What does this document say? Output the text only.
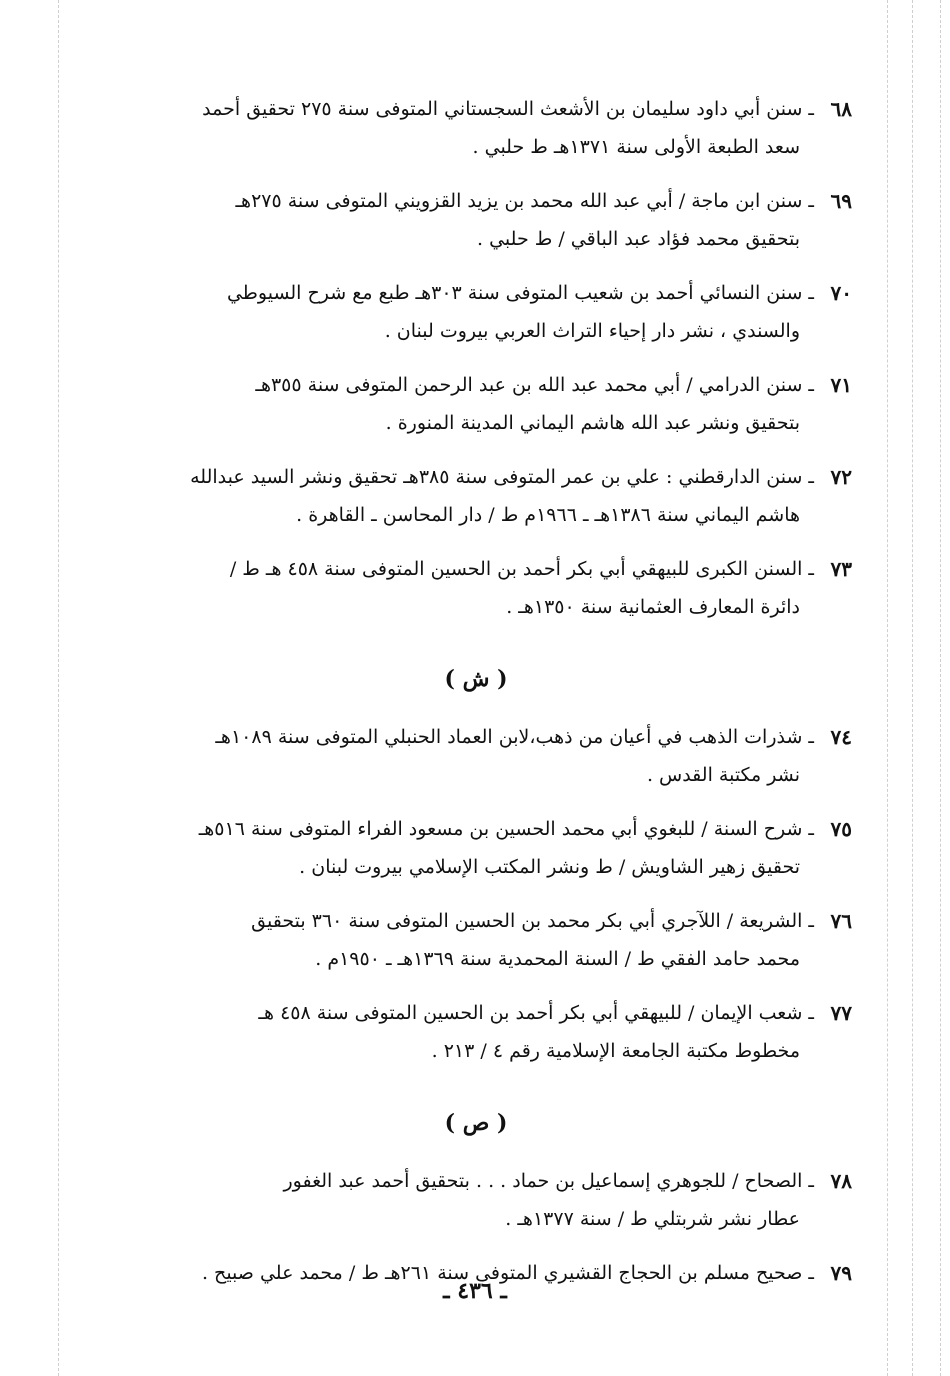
٦٨
ـ سنن أبي داود سليمان بن الأشعث السجستاني المتوفى سنة ٢٧٥ تحقيق أحمد
سعد الطبعة الأولى سنة ١٣٧١هـ ط حلبي .
٦٩
ـ سنن ابن ماجة / أبي عبد الله محمد بن يزيد القزويني المتوفى سنة ٢٧٥هـ
بتحقيق محمد فؤاد عبد الباقي / ط حلبي .
٧٠
ـ سنن النسائي أحمد بن شعيب المتوفى سنة ٣٠٣هـ طبع مع شرح السيوطي
والسندي ، نشر دار إحياء التراث العربي بيروت لبنان .
٧١
ـ سنن الدرامي / أبي محمد عبد الله بن عبد الرحمن المتوفى سنة ٣٥٥هـ
بتحقيق ونشر عبد الله هاشم اليماني المدينة المنورة .
٧٢
ـ سنن الدارقطني : علي بن عمر المتوفى سنة ٣٨٥هـ تحقيق ونشر السيد عبدالله
هاشم اليماني سنة ١٣٨٦هـ ـ ١٩٦٦م ط / دار المحاسن ـ القاهرة .
٧٣
ـ السنن الكبرى للبيهقي أبي بكر أحمد بن الحسين المتوفى سنة ٤٥٨ هـ ط /
دائرة المعارف العثمانية سنة ١٣٥٠هـ .
( ش )
٧٤
ـ شذرات الذهب في أعيان من ذهب،لابن العماد الحنبلي المتوفى سنة ١٠٨٩هـ
نشر مكتبة القدس .
٧٥
ـ شرح السنة / للبغوي أبي محمد الحسين بن مسعود الفراء المتوفى سنة ٥١٦هـ
تحقيق زهير الشاويش / ط ونشر المكتب الإسلامي بيروت لبنان .
٧٦
ـ الشريعة / اللآجري أبي بكر محمد بن الحسين المتوفى سنة ٣٦٠ بتحقيق
محمد حامد الفقي ط / السنة المحمدية سنة ١٣٦٩هـ ـ ١٩٥٠م .
٧٧
ـ شعب الإيمان / للبيهقي أبي بكر أحمد بن الحسين المتوفى سنة ٤٥٨ هـ
مخطوط مكتبة الجامعة الإسلامية رقم ٤ / ٢١٣ .
( ص )
٧٨
ـ الصحاح / للجوهري إسماعيل بن حماد . . . بتحقيق أحمد عبد الغفور
عطار نشر شربتلي ط / سنة ١٣٧٧هـ .
٧٩
ـ صحيح مسلم بن الحجاج القشيري المتوفى سنة ٢٦١هـ ط / محمد علي صبيح .
ـ ٤٣٦ ـ
